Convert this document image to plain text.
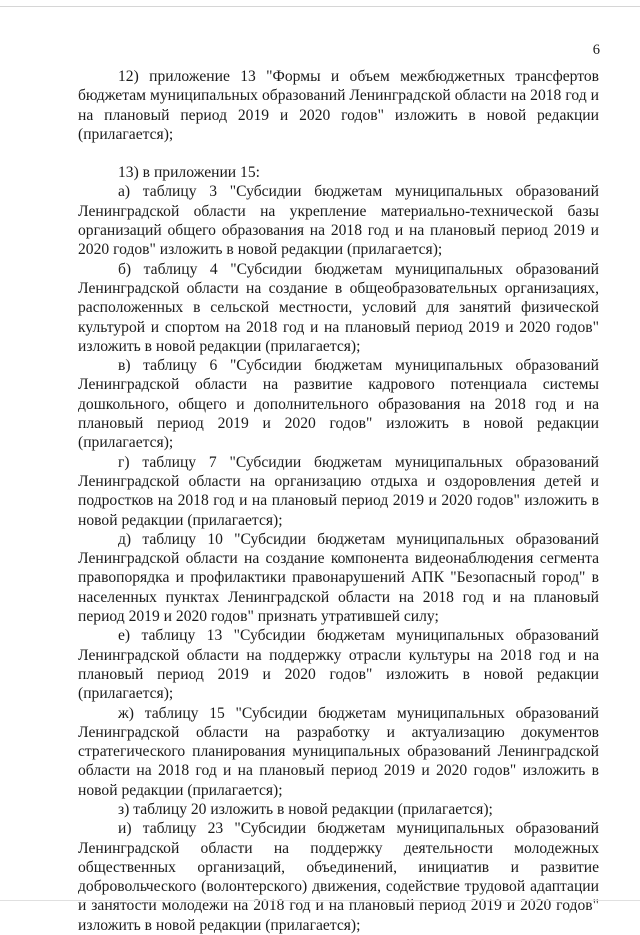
6

12) приложение 13 "Формы и объем межбюджетных трансфертов бюджетам муниципальных образований Ленинградской области на 2018 год и на плановый период 2019 и 2020 годов" изложить в новой редакции (прилагается);

13) в приложении 15:

а) таблицу 3 "Субсидии бюджетам муниципальных образований Ленинградской области на укрепление материально-технической базы организаций общего образования на 2018 год и на плановый период 2019 и 2020 годов" изложить в новой редакции (прилагается);

б) таблицу 4 "Субсидии бюджетам муниципальных образований Ленинградской области на создание в общеобразовательных организациях, расположенных в сельской местности, условий для занятий физической культурой и спортом на 2018 год и на плановый период 2019 и 2020 годов" изложить в новой редакции (прилагается);

в) таблицу 6 "Субсидии бюджетам муниципальных образований Ленинградской области на развитие кадрового потенциала системы дошкольного, общего и дополнительного образования на 2018 год и на плановый период 2019 и 2020 годов" изложить в новой редакции (прилагается);

г) таблицу 7 "Субсидии бюджетам муниципальных образований Ленинградской области на организацию отдыха и оздоровления детей и подростков на 2018 год и на плановый период 2019 и 2020 годов" изложить в новой редакции (прилагается);

д) таблицу 10 "Субсидии бюджетам муниципальных образований Ленинградской области на создание компонента видеонаблюдения сегмента правопорядка и профилактики правонарушений АПК "Безопасный город" в населенных пунктах Ленинградской области на 2018 год и на плановый период 2019 и 2020 годов" признать утратившей силу;

е) таблицу 13 "Субсидии бюджетам муниципальных образований Ленинградской области на поддержку отрасли культуры на 2018 год и на плановый период 2019 и 2020 годов" изложить в новой редакции (прилагается);

ж) таблицу 15 "Субсидии бюджетам муниципальных образований Ленинградской области на разработку и актуализацию документов стратегического планирования муниципальных образований Ленинградской области на 2018 год и на плановый период 2019 и 2020 годов" изложить в новой редакции (прилагается);

з) таблицу 20 изложить в новой редакции (прилагается);

и) таблицу 23 "Субсидии бюджетам муниципальных образований Ленинградской области на поддержку деятельности молодежных общественных организаций, объединений, инициатив и развитие добровольческого (волонтерского) движения, содействие трудовой адаптации и занятости молодежи на 2018 год и на плановый период 2019 и 2020 годов" изложить в новой редакции (прилагается);
